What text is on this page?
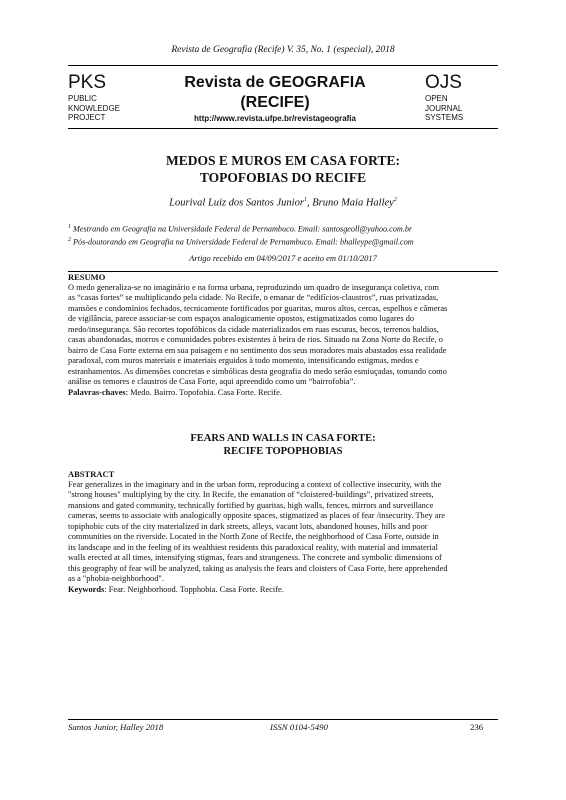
Revista de Geografia (Recife) V. 35, No. 1 (especial), 2018
PKS
PUBLIC
KNOWLEDGE
PROJECT
Revista de GEOGRAFIA
(RECIFE)
http://www.revista.ufpe.br/revistageografia
OJS
OPEN
JOURNAL
SYSTEMS
MEDOS E MUROS EM CASA FORTE:
TOPOFOBIAS DO RECIFE
Lourival Luiz dos Santos Junior$^1$, Bruno Maia Halley$^2$
$^1$ Mestrando em Geografia na Universidade Federal de Pernambuco. Email: santosgeoll@yahoo.com.br
$^2$ Pós-doutorando em Geografia na Universidade Federal de Pernambuco. Email: bhalleype@gmail.com
Artigo recebido em 04/09/2017 e aceito em 01/10/2017
RESUMO
O medo generaliza-se no imaginário e na forma urbana, reproduzindo um quadro de insegurança coletiva, com
as “casas fortes” se multiplicando pela cidade. No Recife, o emanar de “edifícios-claustros”, ruas privatizadas,
mansões e condomínios fechados, tecnicamente fortificados por guaritas, muros altos, cercas, espelhos e câmeras
de vigilância, parece associar-se com espaços analogicamente opostos, estigmatizados como lugares do
medo/insegurança. São recortes topofóbicos da cidade materializados em ruas escuras, becos, terrenos baldios,
casas abandonadas, morros e comunidades pobres existentes à beira de rios. Situado na Zona Norte do Recife, o
bairro de Casa Forte externa em sua paisagem e no sentimento dos seus moradores mais abastados essa realidade
paradoxal, com muros materiais e imateriais erguidos à todo momento, intensificando estigmas, medos e
estranhamentos. As dimensões concretas e simbólicas desta geografia do medo serão esmiuçadas, tomando como
análise os temores e claustros de Casa Forte, aqui apreendido como um “bairrofobia”.
Palavras-chaves: Medo. Bairro. Topofobia. Casa Forte. Recife.
FEARS AND WALLS IN CASA FORTE:
RECIFE TOPOPHOBIAS
ABSTRACT
Fear generalizes in the imaginary and in the urban form, reproducing a context of collective insecurity, with the
"strong houses" multiplying by the city. In Recife, the emanation of “cloistered-buildings”, privatized streets,
mansions and gated community, technically fortified by guaritas, high walls, fences, mirrors and surveillance
cameras, seems to associate with analogically opposite spaces, stigmatized as places of fear /insecurity. They are
topiphobic cuts of the city materialized in dark streets, alleys, vacant lots, abandoned houses, hills and poor
communities on the riverside. Located in the North Zone of Recife, the neighborhood of Casa Forte, outside in
its landscape and in the feeling of its wealthiest residents this paradoxical reality, with material and immaterial
walls erected at all times, intensifying stigmas, fears and strangeness. The concrete and symbolic dimensions of
this geography of fear will be analyzed, taking as analysis the fears and cloisters of Casa Forte, here apprehended
as a "phobia-neighborhood".
Keywords: Fear. Neighborhood. Topphobia. Casa Forte. Recife.
Santos Junior, Halley 2018	ISSN 0104-5490	236
